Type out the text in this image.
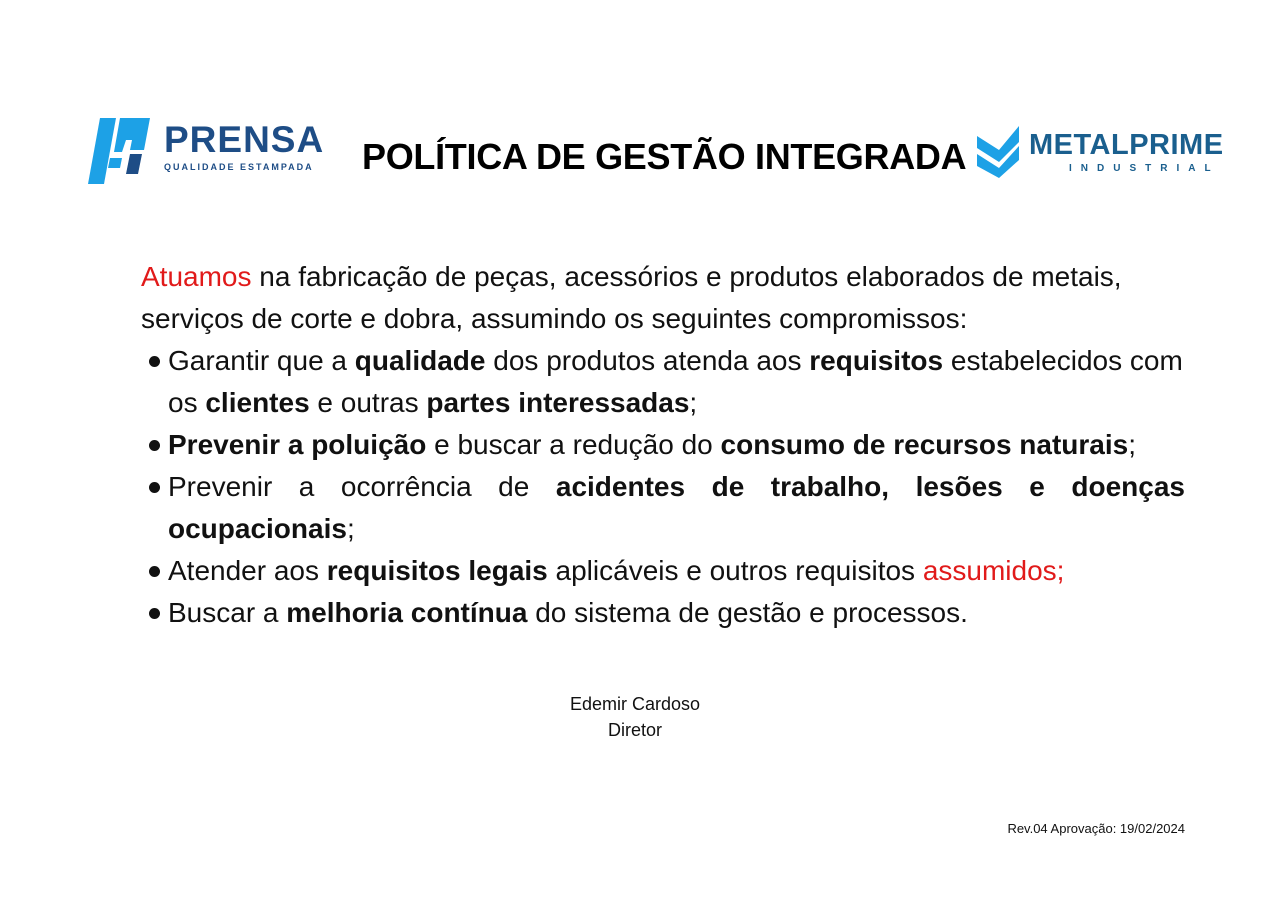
PRENSA
QUALIDADE ESTAMPADA POLÍTICA DE GESTÃO INTEGRADA METALPRIME
INDUSTRIAL

Atuamos na fabricação de peças, acessórios e produtos elaborados de metais, serviços de corte e dobra, assumindo os seguintes compromissos:

Garantir que a qualidade dos produtos atenda aos requisitos estabelecidos com os clientes e outras partes interessadas;
Prevenir a poluição e buscar a redução do consumo de recursos naturais;
Prevenir a ocorrência de acidentes de trabalho, lesões e doenças ocupacionais;
Atender aos requisitos legais aplicáveis e outros requisitos assumidos;
Buscar a melhoria contínua do sistema de gestão e processos.
Edemir Cardoso
Diretor
Rev.04 Aprovação: 19/02/2024
